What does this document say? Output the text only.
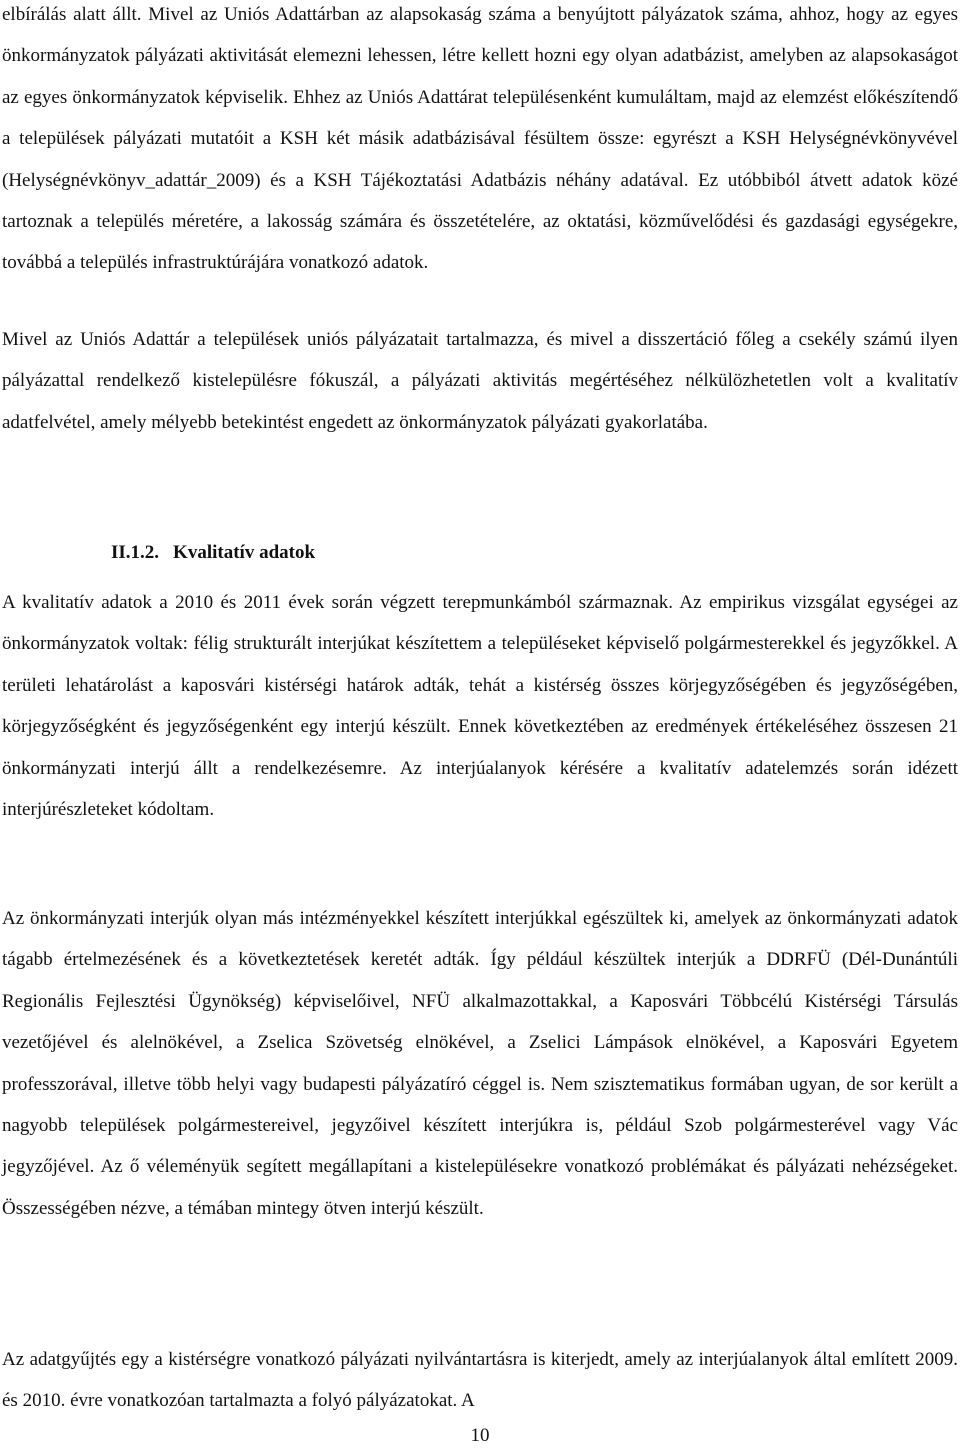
elbírálás alatt állt. Mivel az Uniós Adattárban az alapsokaság száma a benyújtott pályázatok száma, ahhoz, hogy az egyes önkormányzatok pályázati aktivitását elemezni lehessen, létre kellett hozni egy olyan adatbázist, amelyben az alapsokaságot az egyes önkormányzatok képviselik. Ehhez az Uniós Adattárat településenként kumuláltam, majd az elemzést előkészítendő a települések pályázati mutatóit a KSH két másik adatbázisával fésültem össze: egyrészt a KSH Helységnévkönyvével (Helységnévkönyv_adattár_2009) és a KSH Tájékoztatási Adatbázis néhány adatával. Ez utóbbiból átvett adatok közé tartoznak a település méretére, a lakosság számára és összetételére, az oktatási, közművelődési és gazdasági egységekre, továbbá a település infrastruktúrájára vonatkozó adatok.

Mivel az Uniós Adattár a települések uniós pályázatait tartalmazza, és mivel a disszertáció főleg a csekély számú ilyen pályázattal rendelkező kistelepülésre fókuszál, a pályázati aktivitás megértéséhez nélkülözhetetlen volt a kvalitatív adatfelvétel, amely mélyebb betekintést engedett az önkormányzatok pályázati gyakorlatába.

II.1.2. Kvalitatív adatok

A kvalitatív adatok a 2010 és 2011 évek során végzett terepmunkámból származnak. Az empirikus vizsgálat egységei az önkormányzatok voltak: félig strukturált interjúkat készítettem a településeket képviselő polgármesterekkel és jegyzőkkel. A területi lehatárolást a kaposvári kistérségi határok adták, tehát a kistérség összes körjegyzőségében és jegyzőségében, körjegyzőségként és jegyzőségenként egy interjú készült. Ennek következtében az eredmények értékeléséhez összesen 21 önkormányzati interjú állt a rendelkezésemre. Az interjúalanyok kérésére a kvalitatív adatelemzés során idézett interjúrészleteket kódoltam.

Az önkormányzati interjúk olyan más intézményekkel készített interjúkkal egészültek ki, amelyek az önkormányzati adatok tágabb értelmezésének és a következtetések keretét adták. Így például készültek interjúk a DDRFÜ (Dél-Dunántúli Regionális Fejlesztési Ügynökség) képviselőivel, NFÜ alkalmazottakkal, a Kaposvári Többcélú Kistérségi Társulás vezetőjével és alelnökével, a Zselica Szövetség elnökével, a Zselici Lámpások elnökével, a Kaposvári Egyetem professzorával, illetve több helyi vagy budapesti pályázatíró céggel is. Nem szisztematikus formában ugyan, de sor került a nagyobb települések polgármestereivel, jegyzőivel készített interjúkra is, például Szob polgármesterével vagy Vác jegyzőjével. Az ő véleményük segített megállapítani a kistelepülésekre vonatkozó problémákat és pályázati nehézségeket. Összességében nézve, a témában mintegy ötven interjú készült.

Az adatgyűjtés egy a kistérségre vonatkozó pályázati nyilvántartásra is kiterjedt, amely az interjúalanyok által említett 2009. és 2010. évre vonatkozóan tartalmazta a folyó pályázatokat. A

10
